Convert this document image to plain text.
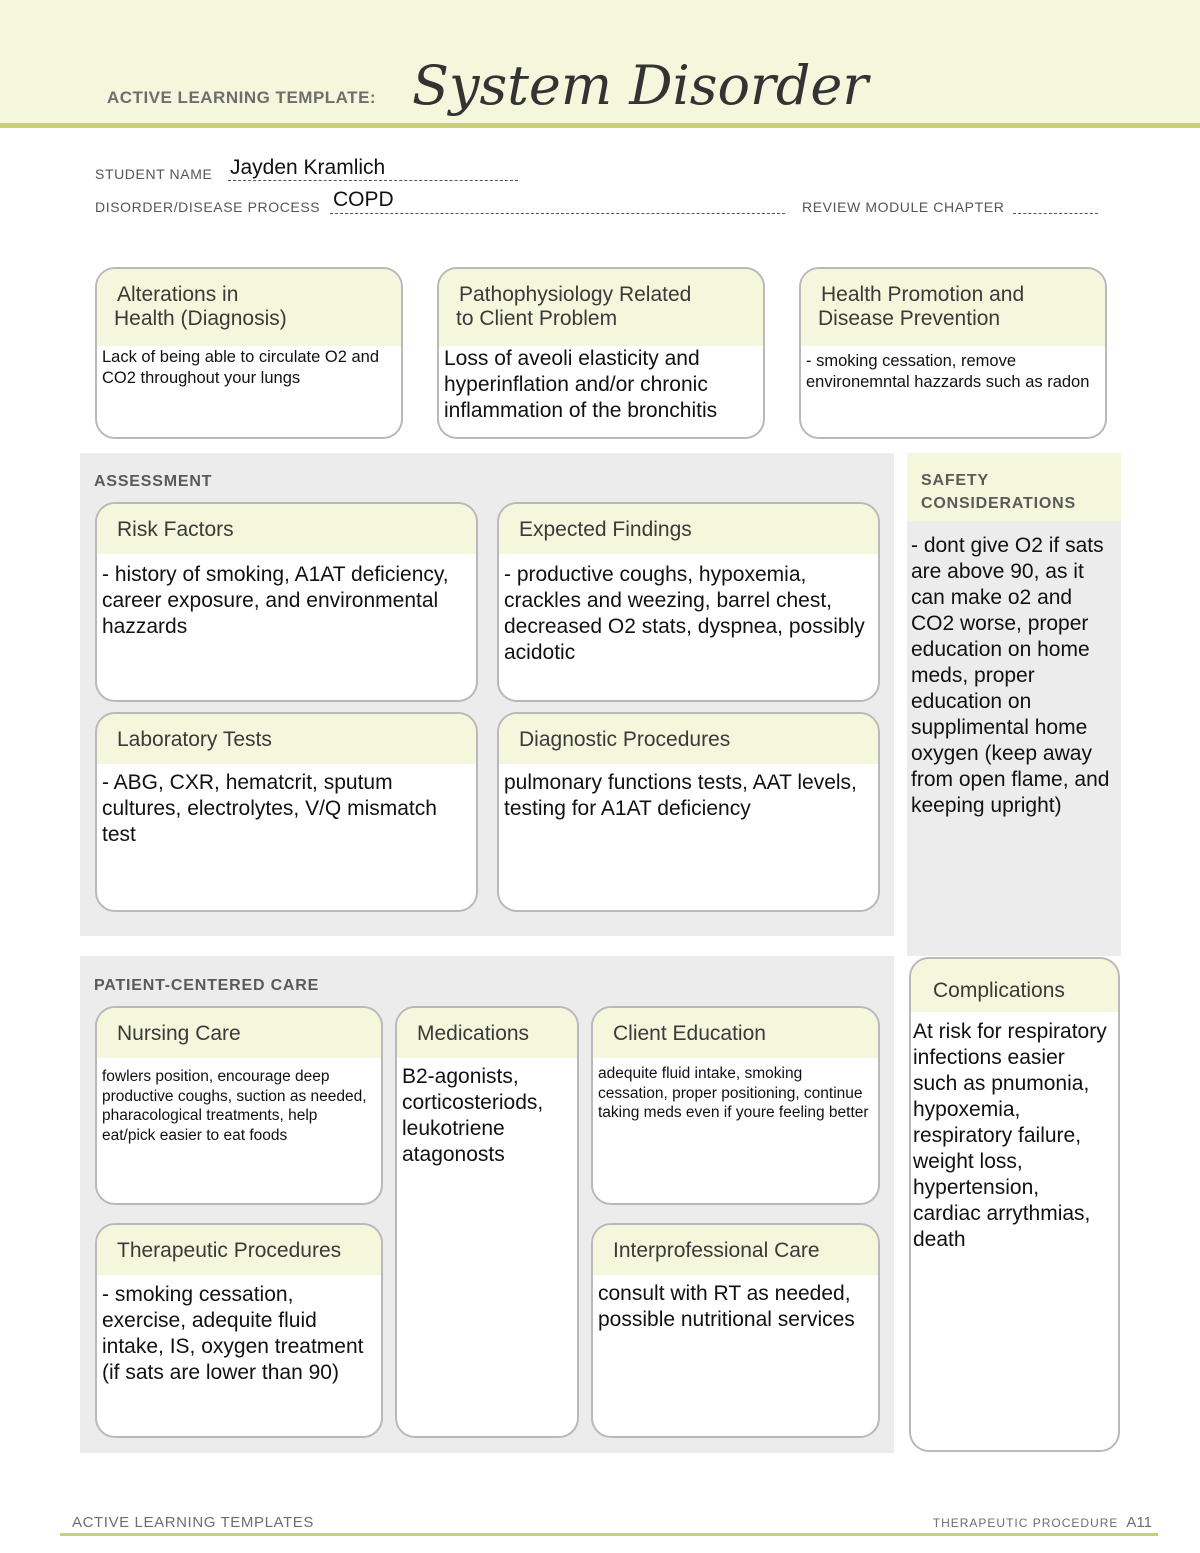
ACTIVE LEARNING TEMPLATE: System Disorder
STUDENT NAME Jayden Kramlich
DISORDER/DISEASE PROCESS COPD	REVIEW MODULE CHAPTER
Alterations in
Health (Diagnosis)
Lack of being able to circulate O2 and CO2 throughout your lungs
Pathophysiology Related
to Client Problem
Loss of aveoli elasticity and hyperinflation and/or chronic inflammation of the bronchitis
Health Promotion and
Disease Prevention
- smoking cessation, remove environemntal hazzards such as radon
ASSESSMENT
Risk Factors
- history of smoking, A1AT deficiency, career exposure, and environmental hazzards
Expected Findings
- productive coughs, hypoxemia, crackles and weezing, barrel chest, decreased O2 stats, dyspnea, possibly acidotic
Laboratory Tests
- ABG, CXR, hematcrit, sputum cultures, electrolytes, V/Q mismatch test
Diagnostic Procedures
pulmonary functions tests, AAT levels, testing for A1AT deficiency
SAFETY
CONSIDERATIONS
- dont give O2 if sats are above 90, as it can make o2 and CO2 worse, proper education on home meds, proper education on supplimental home oxygen (keep away from open flame, and keeping upright)
PATIENT-CENTERED CARE
Nursing Care
fowlers position, encourage deep productive coughs, suction as needed, pharacological treatments, help eat/pick easier to eat foods
Medications
B2-agonists, corticosteriods, leukotriene atagonosts
Client Education
adequite fluid intake, smoking cessation, proper positioning, continue taking meds even if youre feeling better
Therapeutic Procedures
- smoking cessation, exercise, adequite fluid intake, IS, oxygen treatment (if sats are lower than 90)
Interprofessional Care
consult with RT as needed, possible nutritional services
Complications
At risk for respiratory infections easier such as pnumonia, hypoxemia, respiratory failure, weight loss, hypertension, cardiac arrythmias, death
ACTIVE LEARNING TEMPLATES	THERAPEUTIC PROCEDURE A11
